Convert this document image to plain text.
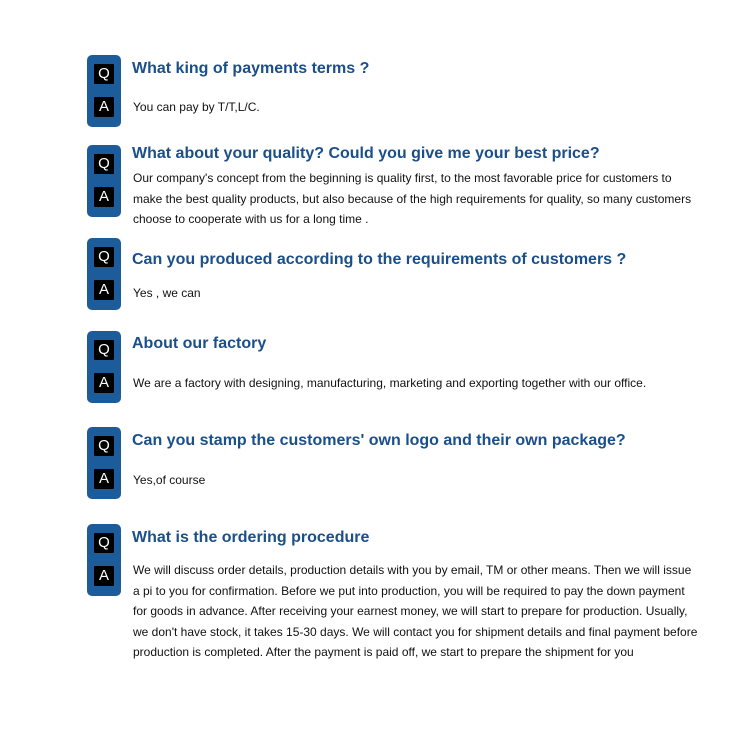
Q
A

What king of payments terms ?

You can pay by T/T,L/C.

Q
A

What about your quality? Could you give me your best price?

Our company's concept from the beginning is quality first, to the most favorable price for customers to make the best quality products, but also because of the high requirements for quality, so many customers choose to cooperate with us for a long time .

Q
A

Can you produced according to the requirements of customers ?

Yes , we can

Q
A

About our factory

We are a factory with designing, manufacturing, marketing and exporting together with our office.

Q
A

Can you stamp the customers' own logo and their own package?

Yes,of course

Q
A

What is the ordering procedure

We will discuss order details, production details with you by email, TM or other means. Then we will issue a pi to you for confirmation. Before we put into production, you will be required to pay the down payment for goods in advance. After receiving your earnest money, we will start to prepare for production. Usually, we don't have stock, it takes 15-30 days. We will contact you for shipment details and final payment before production is completed. After the payment is paid off, we start to prepare the shipment for you
